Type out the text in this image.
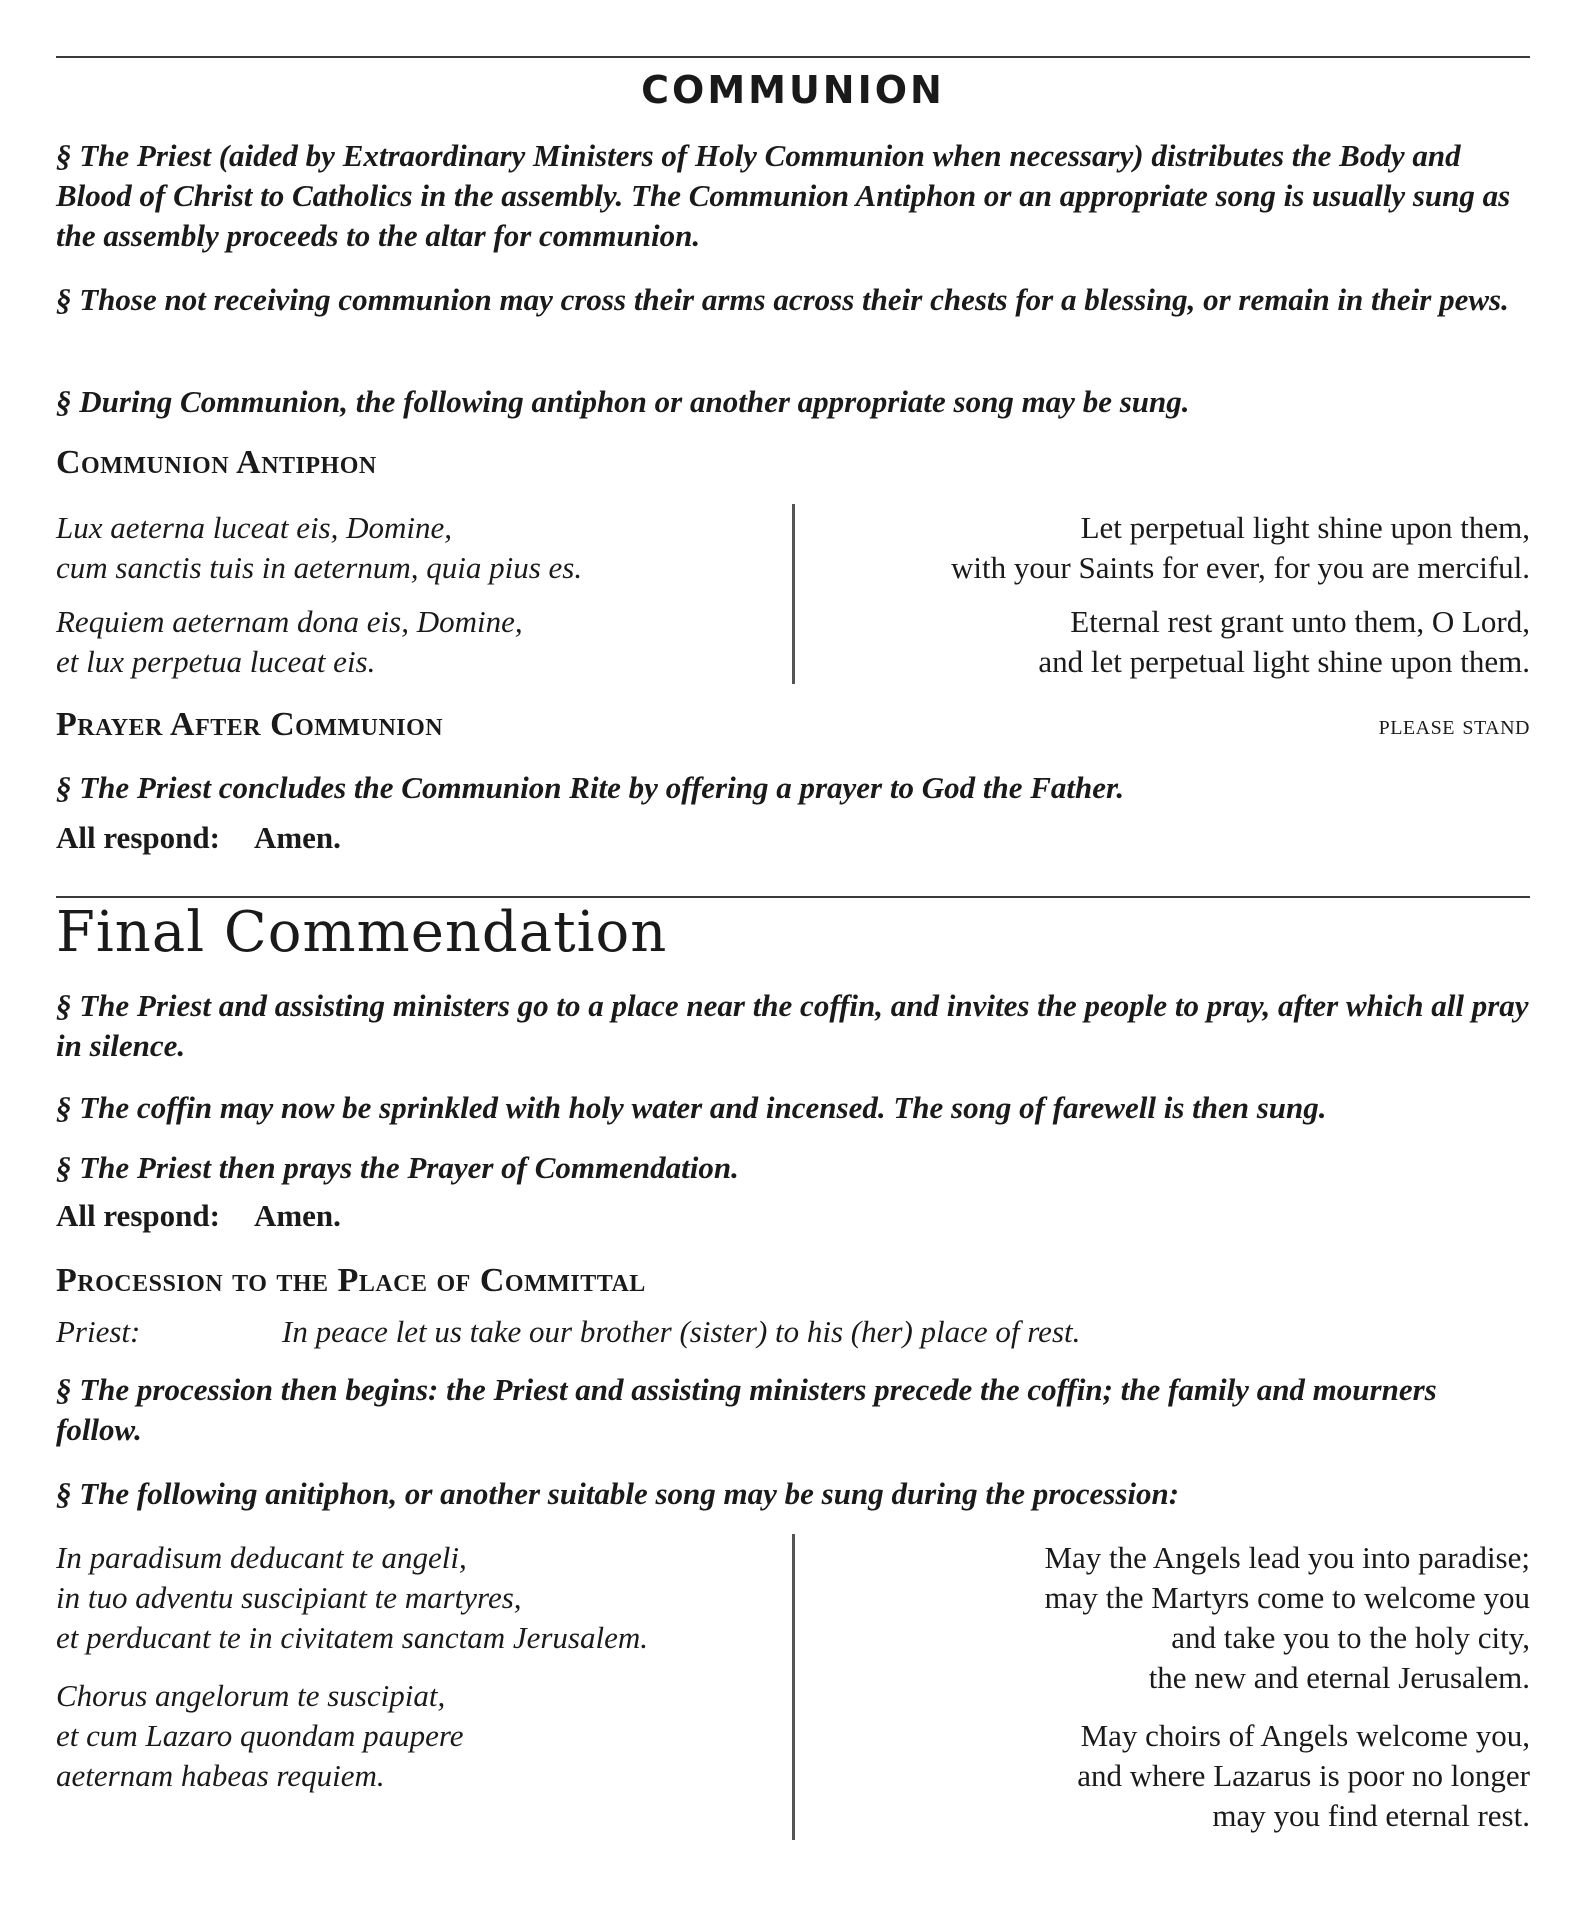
COMMUNION

§ The Priest (aided by Extraordinary Ministers of Holy Communion when necessary) distributes the Body and Blood of Christ to Catholics in the assembly. The Communion Antiphon or an appropriate song is usually sung as the assembly proceeds to the altar for communion.

§ Those not receiving communion may cross their arms across their chests for a blessing, or remain in their pews.

§ During Communion, the following antiphon or another appropriate song may be sung.

Communion Antiphon
Lux aeterna luceat eis, Domine,
cum sanctis tuis in aeternum, quia pius es.
Requiem aeternam dona eis, Domine,
et lux perpetua luceat eis.
Let perpetual light shine upon them,
with your Saints for ever, for you are merciful.
Eternal rest grant unto them, O Lord,
and let perpetual light shine upon them.
Prayer After Communion	please stand

§ The Priest concludes the Communion Rite by offering a prayer to God the Father.

All respond: Amen.
Final Commendation

§ The Priest and assisting ministers go to a place near the coffin, and invites the people to pray, after which all pray in silence.

§ The coffin may now be sprinkled with holy water and incensed. The song of farewell is then sung.

§ The Priest then prays the Prayer of Commendation.

All respond: Amen.
Procession to the Place of Committal
Priest:	In peace let us take our brother (sister) to his (her) place of rest.

§ The procession then begins: the Priest and assisting ministers precede the coffin; the family and mourners follow.

§ The following anitiphon, or another suitable song may be sung during the procession:

In paradisum deducant te angeli,
in tuo adventu suscipiant te martyres,
et perducant te in civitatem sanctam Jerusalem.
Chorus angelorum te suscipiat,
et cum Lazaro quondam paupere
aeternam habeas requiem.
May the Angels lead you into paradise;
may the Martyrs come to welcome you
and take you to the holy city,
the new and eternal Jerusalem.
May choirs of Angels welcome you,
and where Lazarus is poor no longer
may you find eternal rest.
